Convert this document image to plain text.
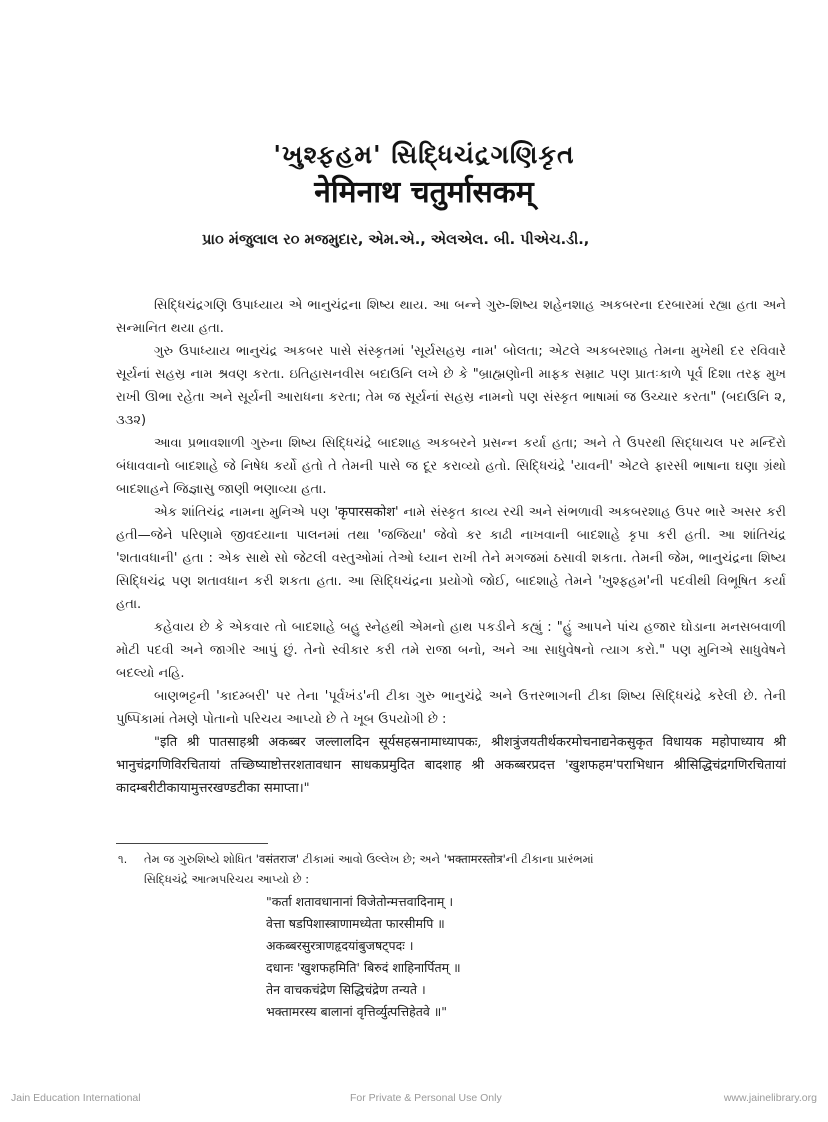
'ખુશ્ફહમ' સિદ્ધિચંદ્રગણિકૃત
नेमिनाथ चतुर्मासकम्
પ્રા૦ મંજુલાલ ર૦ મજમુદાર, એમ.એ., એલએલ. બી. પીએચ.ડી.,

સિદ્ધિચંદ્રગણિ ઉપાધ્યાય એ ભાનુચંદ્રના શિષ્ય થાય. આ બન્ને ગુરુ-શિષ્ય શહેનશાહ અકબરના દરબારમાં રહ્યા હતા અને સન્માનિત થયા હતા.

ગુરુ ઉપાધ્યાય ભાનુચંદ્ર અકબર પાસે સંસ્કૃતમાં 'સૂર્યસહસ્ર નામ' બોલતા; એટલે અકબરશાહ તેમના મુખેથી દર રવિવારે સૂર્યનાં સહસ્ર નામ શ્રવણ કરતા. ઇતિહાસનવીસ બદાઉનિ લખે છે કે "બ્રાહ્મણોની માફક સમ્રાટ પણ પ્રાતઃકાળે પૂર્વ દિશા તરફ મુખ રાખી ઊભા રહેતા અને સૂર્યની આરાધના કરતા; તેમ જ સૂર્યનાં સહસ્ર નામનો પણ સંસ્કૃત ભાષામાં જ ઉચ્ચાર કરતા" (બદાઉનિ ૨, ૩૩૨)

આવા પ્રભાવશાળી ગુરુના શિષ્ય સિદ્ધિચંદ્રે બાદશાહ અકબરને પ્રસન્ન કર્યા હતા; અને તે ઉપરથી સિદ્ધાચલ પર મન્દિરો બંધાવવાનો બાદશાહે જે નિષેધ કર્યો હતો તે તેમની પાસે જ દૂર કરાવ્યો હતો. સિદ્ધિચંદ્રે 'યાવની' એટલે ફારસી ભાષાના ઘણા ગ્રંથો બાદશાહને જિજ્ઞાસુ જાણી ભણાવ્યા હતા.

એક શાંતિચંદ્ર નામના મુનિએ પણ 'कृपारसकोश' નામે સંસ્કૃત કાવ્ય રચી અને સંભળાવી અકબરશાહ ઉપર ભારે અસર કરી હતી—જેને પરિણામે જીવદયાના પાલનમાં તથા 'જજિયા' જેવો કર કાઢી નાખવાની બાદશાહે કૃપા કરી હતી. આ શાંતિચંદ્ર 'શતાવધાની' હતા : એક સાથે સો જેટલી વસ્તુઓમાં તેઓ ધ્યાન રાખી તેને મગજમાં ઠસાવી શકતા. તેમની જેમ, ભાનુચંદ્રના શિષ્ય સિદ્ધિચંદ્ર પણ શતાવધાન કરી શકતા હતા. આ સિદ્ધિચંદ્રના પ્રયોગો જોઈ, બાદશાહે તેમને 'ખુશ્ફહમ'ની પદવીથી વિભૂષિત કર્યા હતા.

કહેવાય છે કે એકવાર તો બાદશાહે બહુ સ્નેહથી એમનો હાથ પકડીને કહ્યું : "હું આપને પાંચ હજાર ઘોડાના મનસબવાળી મોટી પદવી અને જાગીર આપું છું. તેનો સ્વીકાર કરી તમે રાજા બનો, અને આ સાધુવેષનો ત્યાગ કરો." પણ મુનિએ સાધુવેષને બદલ્યો નહિ.

બાણભટ્ટની 'કાદમ્બરી' પર તેના 'પૂર્વખંડ'ની ટીકા ગુરુ ભાનુચંદ્રે અને ઉત્તરભાગની ટીકા શિષ્ય સિદ્ધિચંદ્રે કરેલી છે. તેની પુષ્પિકામાં તેમણે પોતાનો પરિચય આપ્યો છે તે ખૂબ ઉપયોગી છે :

"इति श्री पातसाहश्री अकब्बर जल्लालदिन सूर्यसहस्रनामाध्यापकः, श्रीशत्रुंजयतीर्थकरमोचनाद्यनेकसुकृत विधायक महोपाध्याय श्री भानुचंद्रगणिविरचितायां तच्छिष्याष्टोत्तरशतावधान साधकप्रमुदित बादशाह श्री अकब्बरप्रदत्त 'खुशफहम'पराभिधान श्रीसिद्धिचंद्रगणिरचितायां कादम्बरीटीकायामुत्तरखण्डटीका समाप्ता।"

૧. તેમ જ ગુરુશિષ્યે શોધિત 'वसंतराज' ટીકામાં આવો ઉલ્લેખ છે; અને 'भक्तामरस्तोत्र'ની ટીકાના પ્રારંભમાં

સિદ્ધિચંદ્રે આત્મપરિચય આપ્યો છે :

"कर्ता शतावधानानां विजेतोन्मत्तवादिनाम् ।
वेत्ता षडपिशास्त्राणामध्येता फारसीमपि ॥
अकब्बरसुरत्राणहृदयांबुजषट्पदः ।
दधानः 'खुशफहमिति' बिरुदं शाहिनार्पितम् ॥
तेन वाचकचंद्रेण सिद्धिचंद्रेण तन्यते ।
भक्तामरस्य बालानां वृत्तिर्व्युत्पत्तिहेतवे ॥"
Jain Education International	For Private & Personal Use Only	www.jainelibrary.org
